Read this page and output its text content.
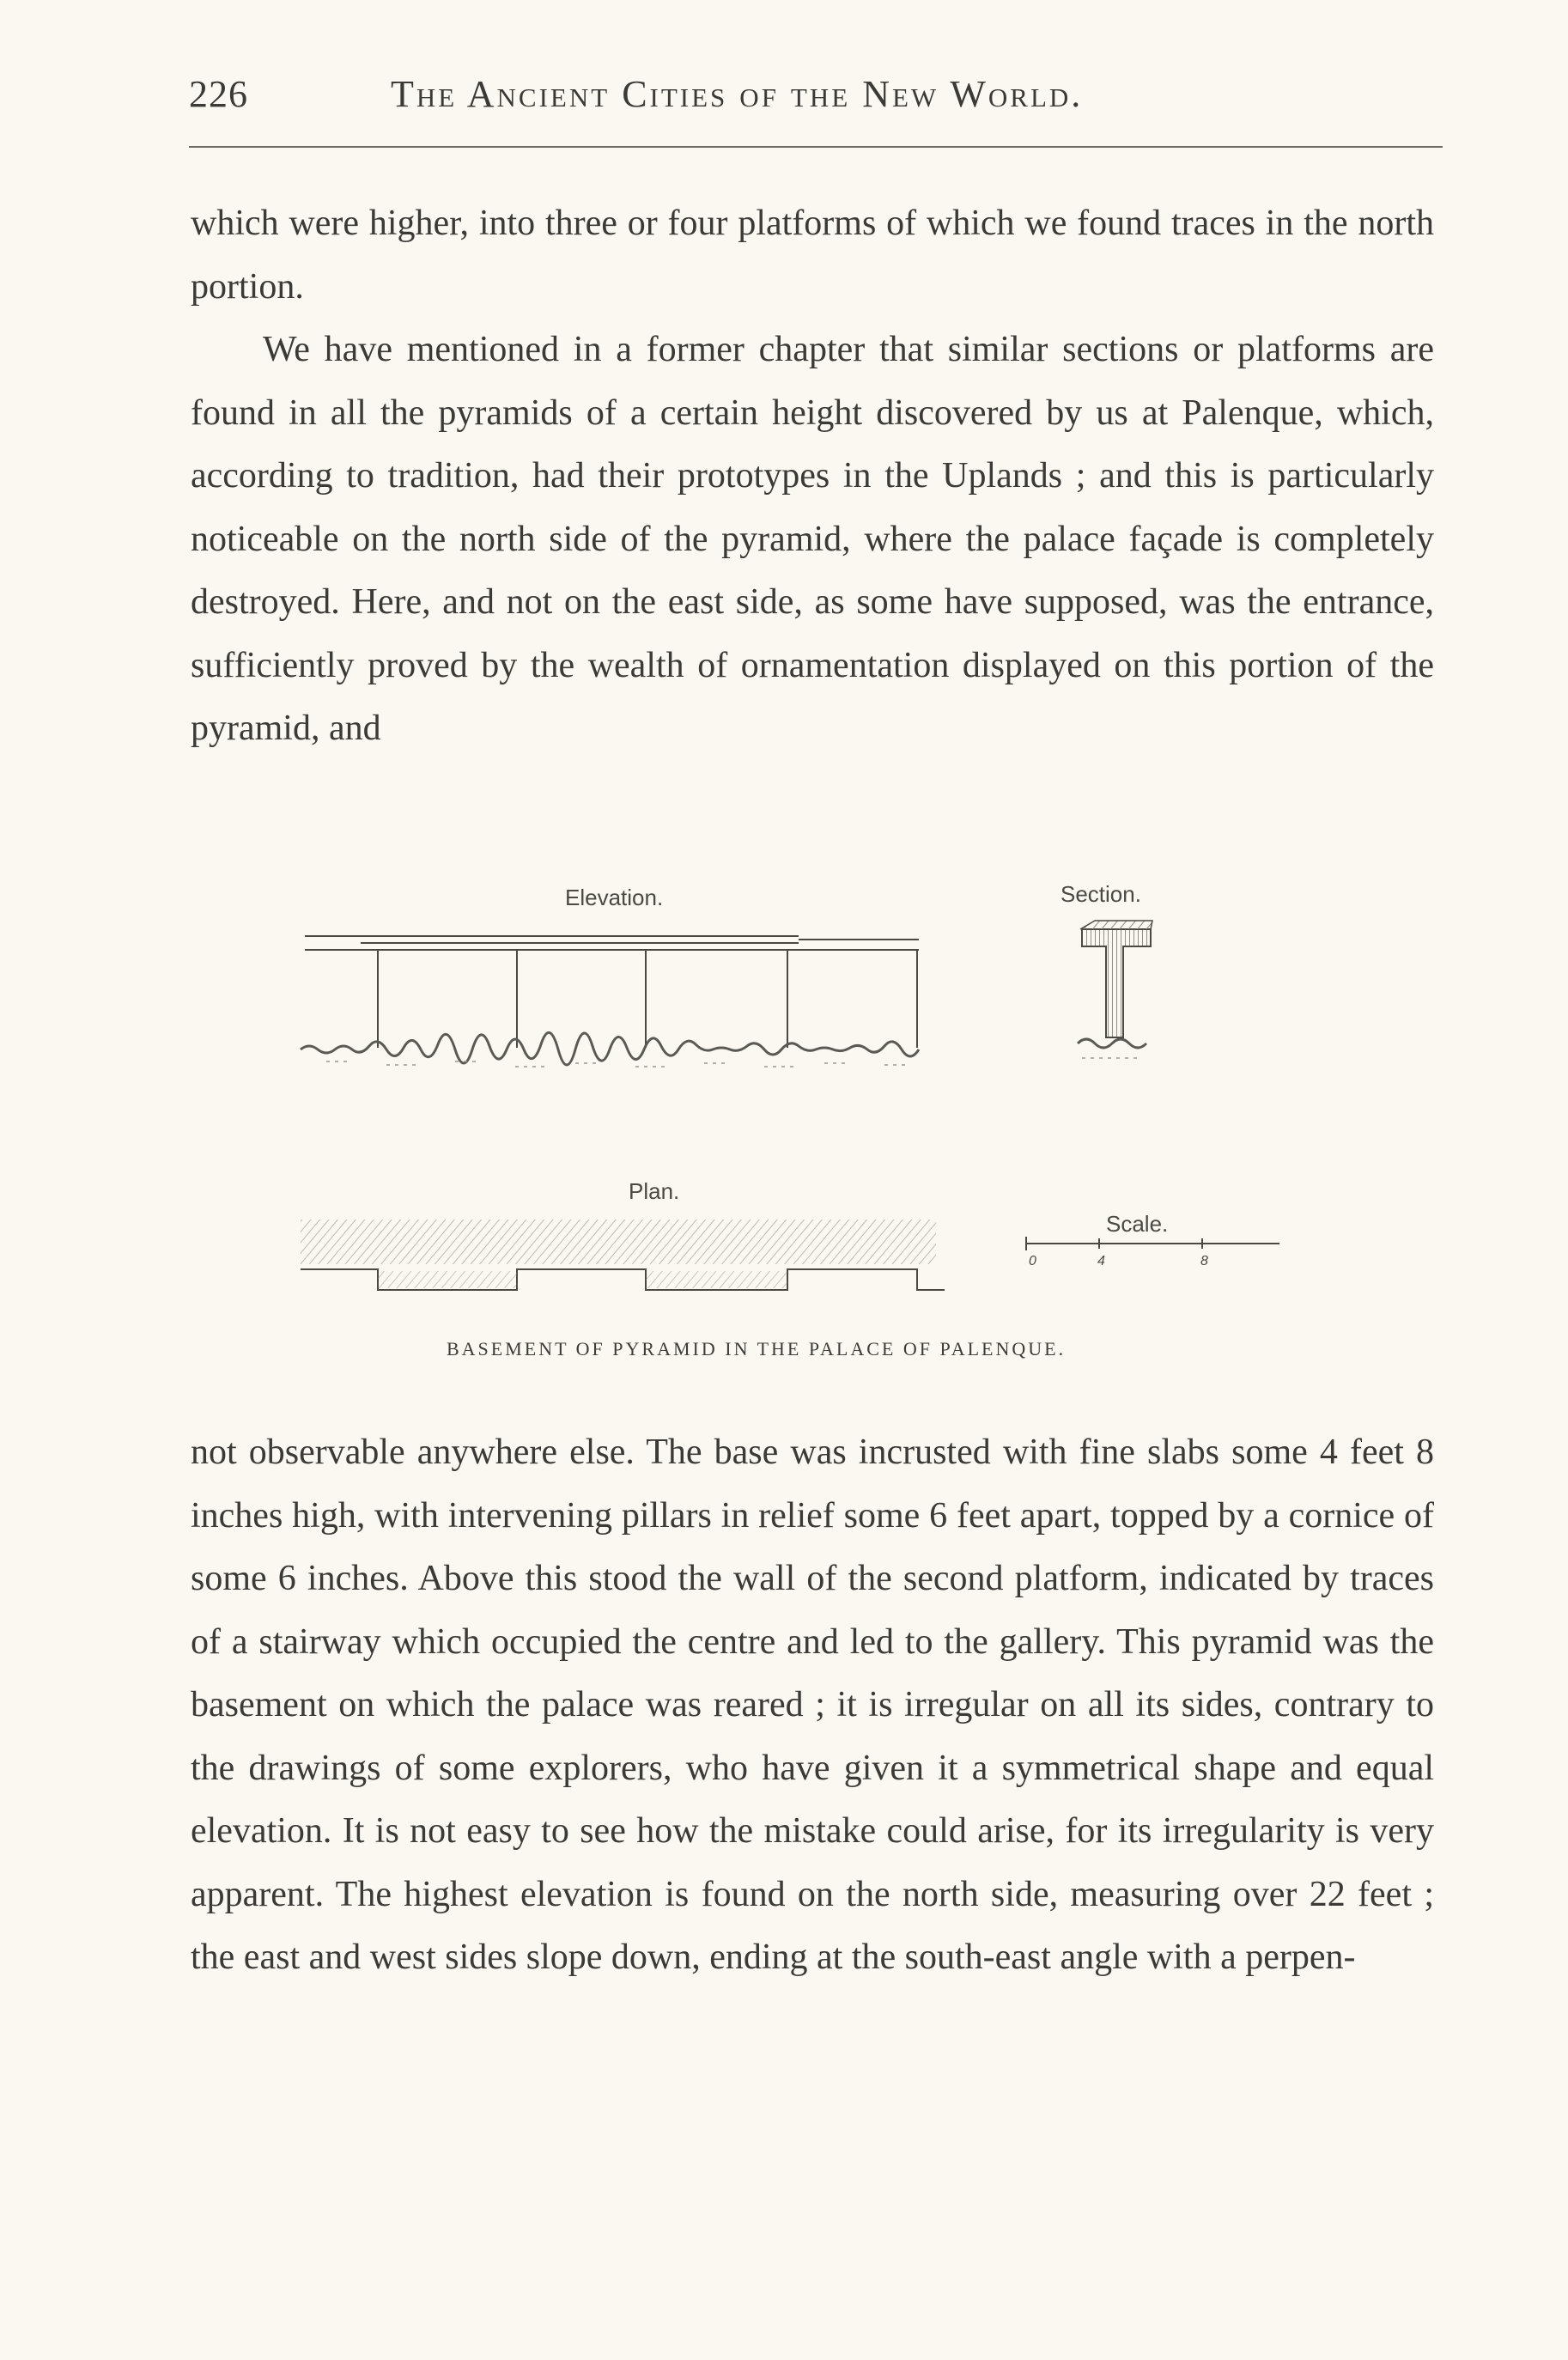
226	The Ancient Cities of the New World.
which were higher, into three or four platforms of which we found traces in the north portion.
We have mentioned in a former chapter that similar sections or platforms are found in all the pyramids of a certain height discovered by us at Palenque, which, according to tradition, had their prototypes in the Uplands ; and this is particularly noticeable on the north side of the pyramid, where the palace façade is completely destroyed. Here, and not on the east side, as some have supposed, was the entrance, sufficiently proved by the wealth of ornamentation displayed on this portion of the pyramid, and
Elevation.	Section.
Plan.
Scale.
0	4	8
BASEMENT OF PYRAMID IN THE PALACE OF PALENQUE.
not observable anywhere else. The base was incrusted with fine slabs some 4 feet 8 inches high, with intervening pillars in relief some 6 feet apart, topped by a cornice of some 6 inches. Above this stood the wall of the second platform, indicated by traces of a stairway which occupied the centre and led to the gallery. This pyramid was the basement on which the palace was reared ; it is irregular on all its sides, contrary to the drawings of some explorers, who have given it a symmetrical shape and equal elevation. It is not easy to see how the mistake could arise, for its irregularity is very apparent. The highest elevation is found on the north side, measuring over 22 feet ; the east and west sides slope down, ending at the south-east angle with a perpen-
